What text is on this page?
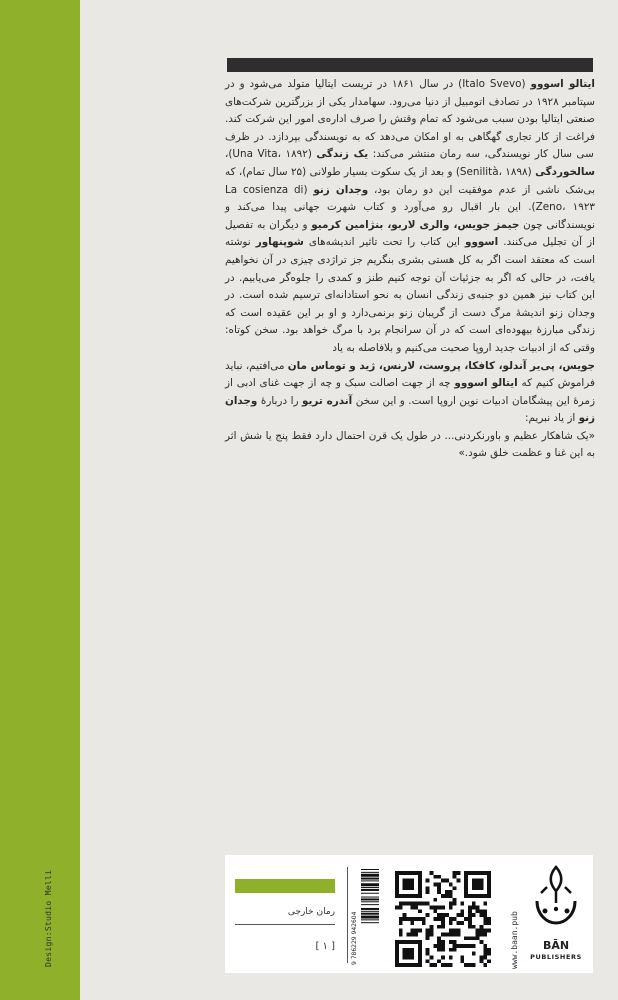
ایتالو اسووو (Italo Svevo) در سال ۱۸۶۱ در تریست ایتالیا متولد می‌شود و در سپتامبر ۱۹۲۸ در تصادف اتومبیل از دنیا می‌رود. سهامدار یکی از بزرگترین شرکت‌های صنعتی ایتالیا بودن سبب می‌شود که تمام وقتش را صرف اداره‌ی امور این شرکت کند. فراغت از کار تجاری گهگاهی به او امکان می‌دهد که به نویسندگی بپردازد. در ظرف سی سال کار نویسندگی، سه رمان منتشر می‌کند: یک زندگی (Una Vita، ۱۸۹۲)، سالخوردگی (Senilità، ۱۸۹۸) و بعد از یک سکوت بسیار طولانی (۲۵ سال تمام)، که بی‌شک ناشی از عدم موفقیت این دو رمان بود، وجدان زنو (La cosienza di Zeno، ۱۹۲۳). این بار اقبال رو می‌آورد و کتاب شهرت جهانی پیدا می‌کند و نویسندگانی چون جیمز جویس، والری لاربو، بنژامین کرمیو و دیگران به تفصیل از آن تجلیل می‌کنند. اسووو این کتاب را تحت تاثیر اندیشه‌های شوپنهاور نوشته است که معتقد است اگر به کل هستی بشری بنگریم جز تراژدی چیزی در آن نخواهیم یافت، در حالی که اگر به جزئیات آن توجه کنیم طنز و کمدی را جلوه‌گر می‌یابیم. در این کتاب نیز همین دو جنبه‌ی زندگی انسان به نحو استادانه‌ای ترسیم شده است. در وجدان زنو اندیشهٔ مرگ دست از گریبان زنو برنمی‌دارد و او بر این عقیده است که زندگی مبارزهٔ بیهوده‌ای است که در آن سرانجام برد با مرگ خواهد بود. سخن کوتاه: وقتی که از ادبیات جدید اروپا صحبت می‌کنیم و بلافاصله به یاد

جویس، پی‌یر آندلو، کافکا، پروست، لارنس، ژید و توماس مان می‌افتیم، نباید فراموش کنیم که ایتالو اسووو چه از جهت اصالت سبک و چه از جهت غنای ادبی از زمرهٔ این پیشگامان ادبیات نوین اروپا است. و این سخن آندره تریو را دربارهٔ وجدان زنو از یاد نبریم:

«یک شاهکار عظیم و باورنکردنی... در طول یک قرن احتمال دارد فقط پنج یا شش اثر به این غنا و عظمت خلق شود.»

Design:Studio Melli	رمان خارجی
[ ۱ ]	9 786229 942604	www.baan.pub	BĀN
PUBLISHERS
